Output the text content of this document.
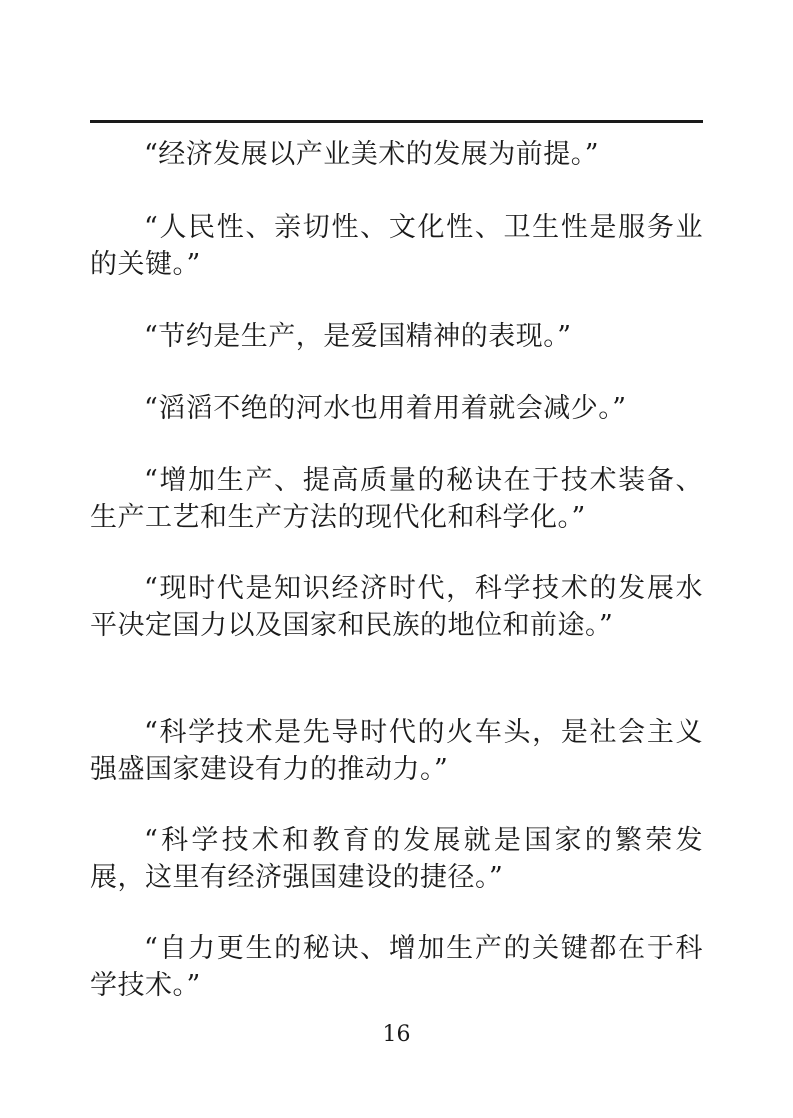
“经济发展以产业美术的发展为前提。”

“人民性、亲切性、文化性、卫生性是服务业的关键。”

“节约是生产，是爱国精神的表现。”

“滔滔不绝的河水也用着用着就会减少。”

“增加生产、提高质量的秘诀在于技术装备、生产工艺和生产方法的现代化和科学化。”

“现时代是知识经济时代，科学技术的发展水平决定国力以及国家和民族的地位和前途。”

“科学技术是先导时代的火车头，是社会主义强盛国家建设有力的推动力。”

“科学技术和教育的发展就是国家的繁荣发展，这里有经济强国建设的捷径。”

“自力更生的秘诀、增加生产的关键都在于科学技术。”

16
